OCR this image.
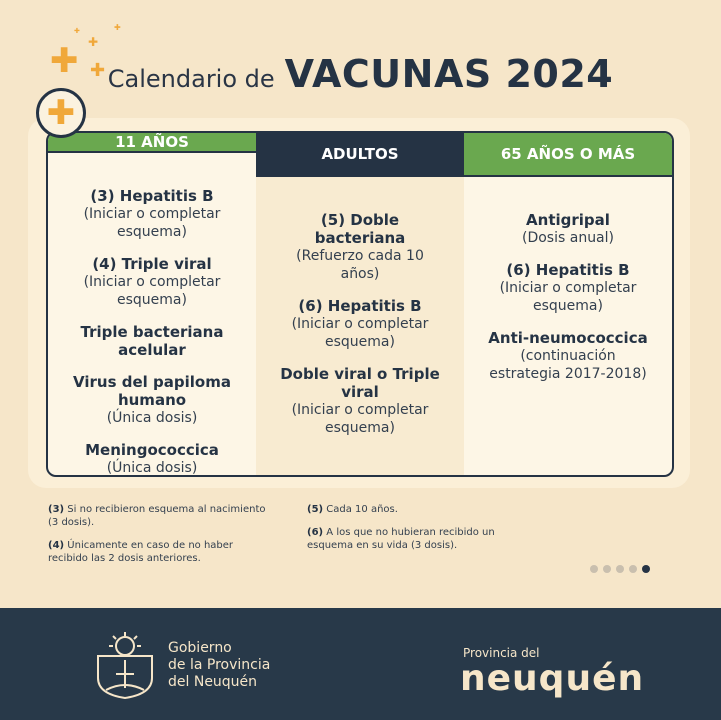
✚ ✚
✚
✚
✚
Calendario de VACUNAS 2024
11 AÑOS
(3) Hepatitis B
(Iniciar o completar esquema)
(4) Triple viral
(Iniciar o completar esquema)
Triple bacteriana acelular
Virus del papiloma humano
(Única dosis)
Meningococcica
(Única dosis)
ADULTOS
(5) Doble bacteriana
(Refuerzo cada 10 años)
(6) Hepatitis B
(Iniciar o completar esquema)
Doble viral o Triple viral
(Iniciar o completar esquema)
65 AÑOS O MÁS
Antigripal
(Dosis anual)
(6) Hepatitis B
(Iniciar o completar esquema)
Anti-neumococcica
(continuación estrategia 2017-2018)
✚
(3) Si no recibieron esquema al nacimiento (3 dosis).
(4) Únicamente en caso de no haber recibido las 2 dosis anteriores.
(5) Cada 10 años.
(6) A los que no hubieran recibido un esquema en su vida (3 dosis).
Gobierno
de la Provincia
del Neuquén
Provincia del
neuquén
